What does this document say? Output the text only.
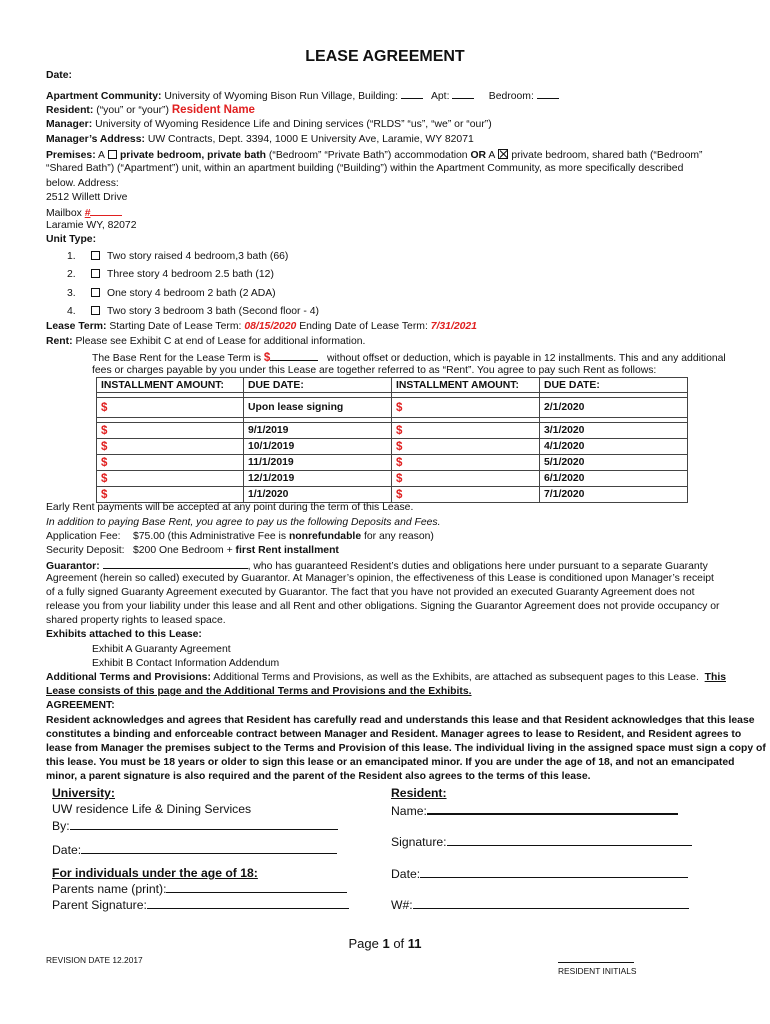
LEASE AGREEMENT
Date:
Apartment Community: University of Wyoming Bison Run Village, Building:	Apt:	Bedroom:
Resident: (“you” or “your”) Resident Name
Manager: University of Wyoming Residence Life and Dining services (“RLDS” “us”, “we” or “our”)
Manager’s Address: UW Contracts, Dept. 3394, 1000 E University Ave, Laramie, WY 82071
Premises: A private bedroom, private bath (“Bedroom” “Private Bath”) accommodation OR A private bedroom, shared bath (“Bedroom”
“Shared Bath”) (“Apartment”) unit, within an apartment building (“Building”) within the Apartment Community, as more specifically described
below. Address:
2512 Willett Drive
Mailbox #
Laramie WY, 82072
Unit Type:
1.	Two story raised 4 bedroom,3 bath (66)
2.	Three story 4 bedroom 2.5 bath (12)
3.	One story 4 bedroom 2 bath (2 ADA)
4.	Two story 3 bedroom 3 bath (Second floor - 4)
Lease Term: Starting Date of Lease Term: 08/15/2020 Ending Date of Lease Term: 7/31/2021
Rent: Please see Exhibit C at end of Lease for additional information.
The Base Rent for the Lease Term is $	without offset or deduction, which is payable in 12 installments. This and any additional
fees or charges payable by you under this Lease are together referred to as “Rent”. You agree to pay such Rent as follows:
INSTALLMENT AMOUNT:	DUE DATE:	INSTALLMENT AMOUNT:	DUE DATE:

$	Upon lease signing	$	2/1/2020

$	9/1/2019	$	3/1/2020
$	10/1/2019	$	4/1/2020
$	11/1/2019	$	5/1/2020
$	12/1/2019	$	6/1/2020
$	1/1/2020	$	7/1/2020
Early Rent payments will be accepted at any point during the term of this Lease.
In addition to paying Base Rent, you agree to pay us the following Deposits and Fees.
Application Fee: $75.00 (this Administrative Fee is nonrefundable for any reason)
Security Deposit: $200 One Bedroom + first Rent installment
Guarantor:	, who has guaranteed Resident’s duties and obligations here under pursuant to a separate Guaranty
Agreement (herein so called) executed by Guarantor. At Manager’s opinion, the effectiveness of this Lease is conditioned upon Manager’s receipt
of a fully signed Guaranty Agreement executed by Guarantor. The fact that you have not provided an executed Guaranty Agreement does not
release you from your liability under this lease and all Rent and other obligations. Signing the Guarantor Agreement does not provide occupancy or
shared property rights to leased space.
Exhibits attached to this Lease:
Exhibit A Guaranty Agreement
Exhibit B Contact Information Addendum
Additional Terms and Provisions: Additional Terms and Provisions, as well as the Exhibits, are attached as subsequent pages to this Lease. This
Lease consists of this page and the Additional Terms and Provisions and the Exhibits.
AGREEMENT:
Resident acknowledges and agrees that Resident has carefully read and understands this lease and that Resident acknowledges that this lease
constitutes a binding and enforceable contract between Manager and Resident. Manager agrees to lease to Resident, and Resident agrees to
lease from Manager the premises subject to the Terms and Provision of this lease. The individual living in the assigned space must sign a copy of
this lease. You must be 18 years or older to sign this lease or an emancipated minor. If you are under the age of 18, and not an emancipated
minor, a parent signature is also required and the parent of the Resident also agrees to the terms of this lease.
University:
UW residence Life & Dining Services
By:
Date:
For individuals under the age of 18:
Parents name (print):
Parent Signature:
Resident:
Name:
Signature:
Date:
W#:
Page 1 of 11
REVISION DATE 12.2017
RESIDENT INITIALS
